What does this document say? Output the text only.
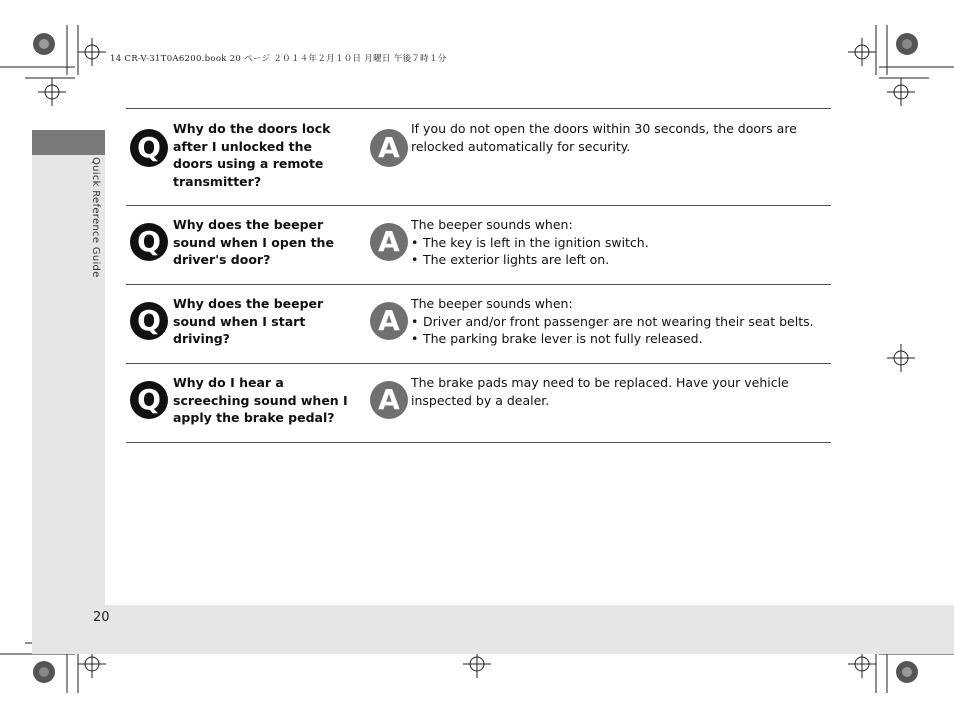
14 CR-V-31T0A6200.book 20 ページ ２０１４年２月１０日 月曜日 午後７時１分
Quick Reference Guide
20
Q
Why do the doors lock after I unlocked the doors using a remote transmitter?
A
If you do not open the doors within 30 seconds, the doors are relocked automatically for security.
Q
Why does the beeper sound when I open the driver's door?
A
The beeper sounds when:
• The key is left in the ignition switch.
• The exterior lights are left on.
Q
Why does the beeper sound when I start driving?
A
The beeper sounds when:
• Driver and/or front passenger are not wearing their seat belts.
• The parking brake lever is not fully released.
Q
Why do I hear a screeching sound when I apply the brake pedal?
A
The brake pads may need to be replaced. Have your vehicle inspected by a dealer.
